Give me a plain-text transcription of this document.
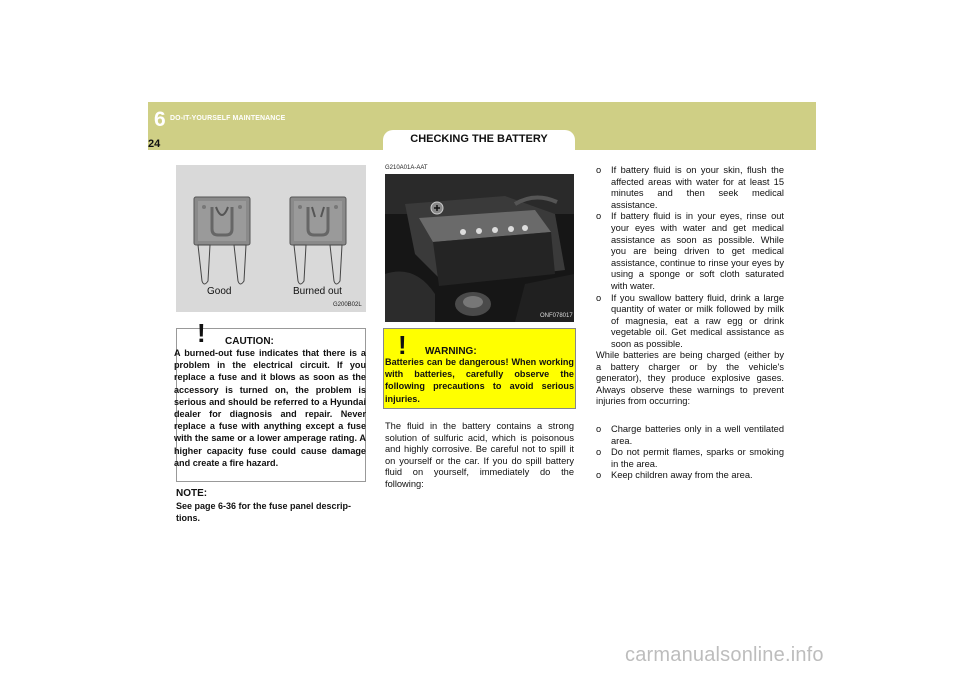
6 DO-IT-YOURSELF MAINTENANCE
24	CHECKING THE BATTERY
Good	Burned out
G200B02L
! CAUTION:
A burned-out fuse indicates that there is a problem in the electrical circuit. If you replace a fuse and it blows as soon as the accessory is turned on, the problem is serious and should be referred to a Hyundai dealer for diagnosis and repair. Never replace a fuse with anything except a fuse with the same or a lower amperage rating. A higher capacity fuse could cause damage and create a fire hazard.
NOTE:
See page 6-36 for the fuse panel descrip-tions.
G210A01A-AAT
ONF078017
! WARNING:
Batteries can be dangerous! When working with batteries, carefully observe the following precautions to avoid serious injuries.
The fluid in the battery contains a strong solution of sulfuric acid, which is poisonous and highly corrosive. Be careful not to spill it on yourself or the car. If you do spill battery fluid on yourself, immediately do the following:
o If battery fluid is on your skin, flush the affected areas with water for at least 15 minutes and then seek medical assistance.
o If battery fluid is in your eyes, rinse out your eyes with water and get medical assistance as soon as possible. While you are being driven to get medical assistance, continue to rinse your eyes by using a sponge or soft cloth saturated with water.
o If you swallow battery fluid, drink a large quantity of water or milk followed by milk of magnesia, eat a raw egg or drink vegetable oil. Get medical assistance as soon as possible.
While batteries are being charged (either by a battery charger or by the vehicle's generator), they produce explosive gases. Always observe these warnings to prevent injuries from occurring:
o Charge batteries only in a well ventilated area.
o Do not permit flames, sparks or smoking in the area.
o Keep children away from the area.
carmanualsonline.info
